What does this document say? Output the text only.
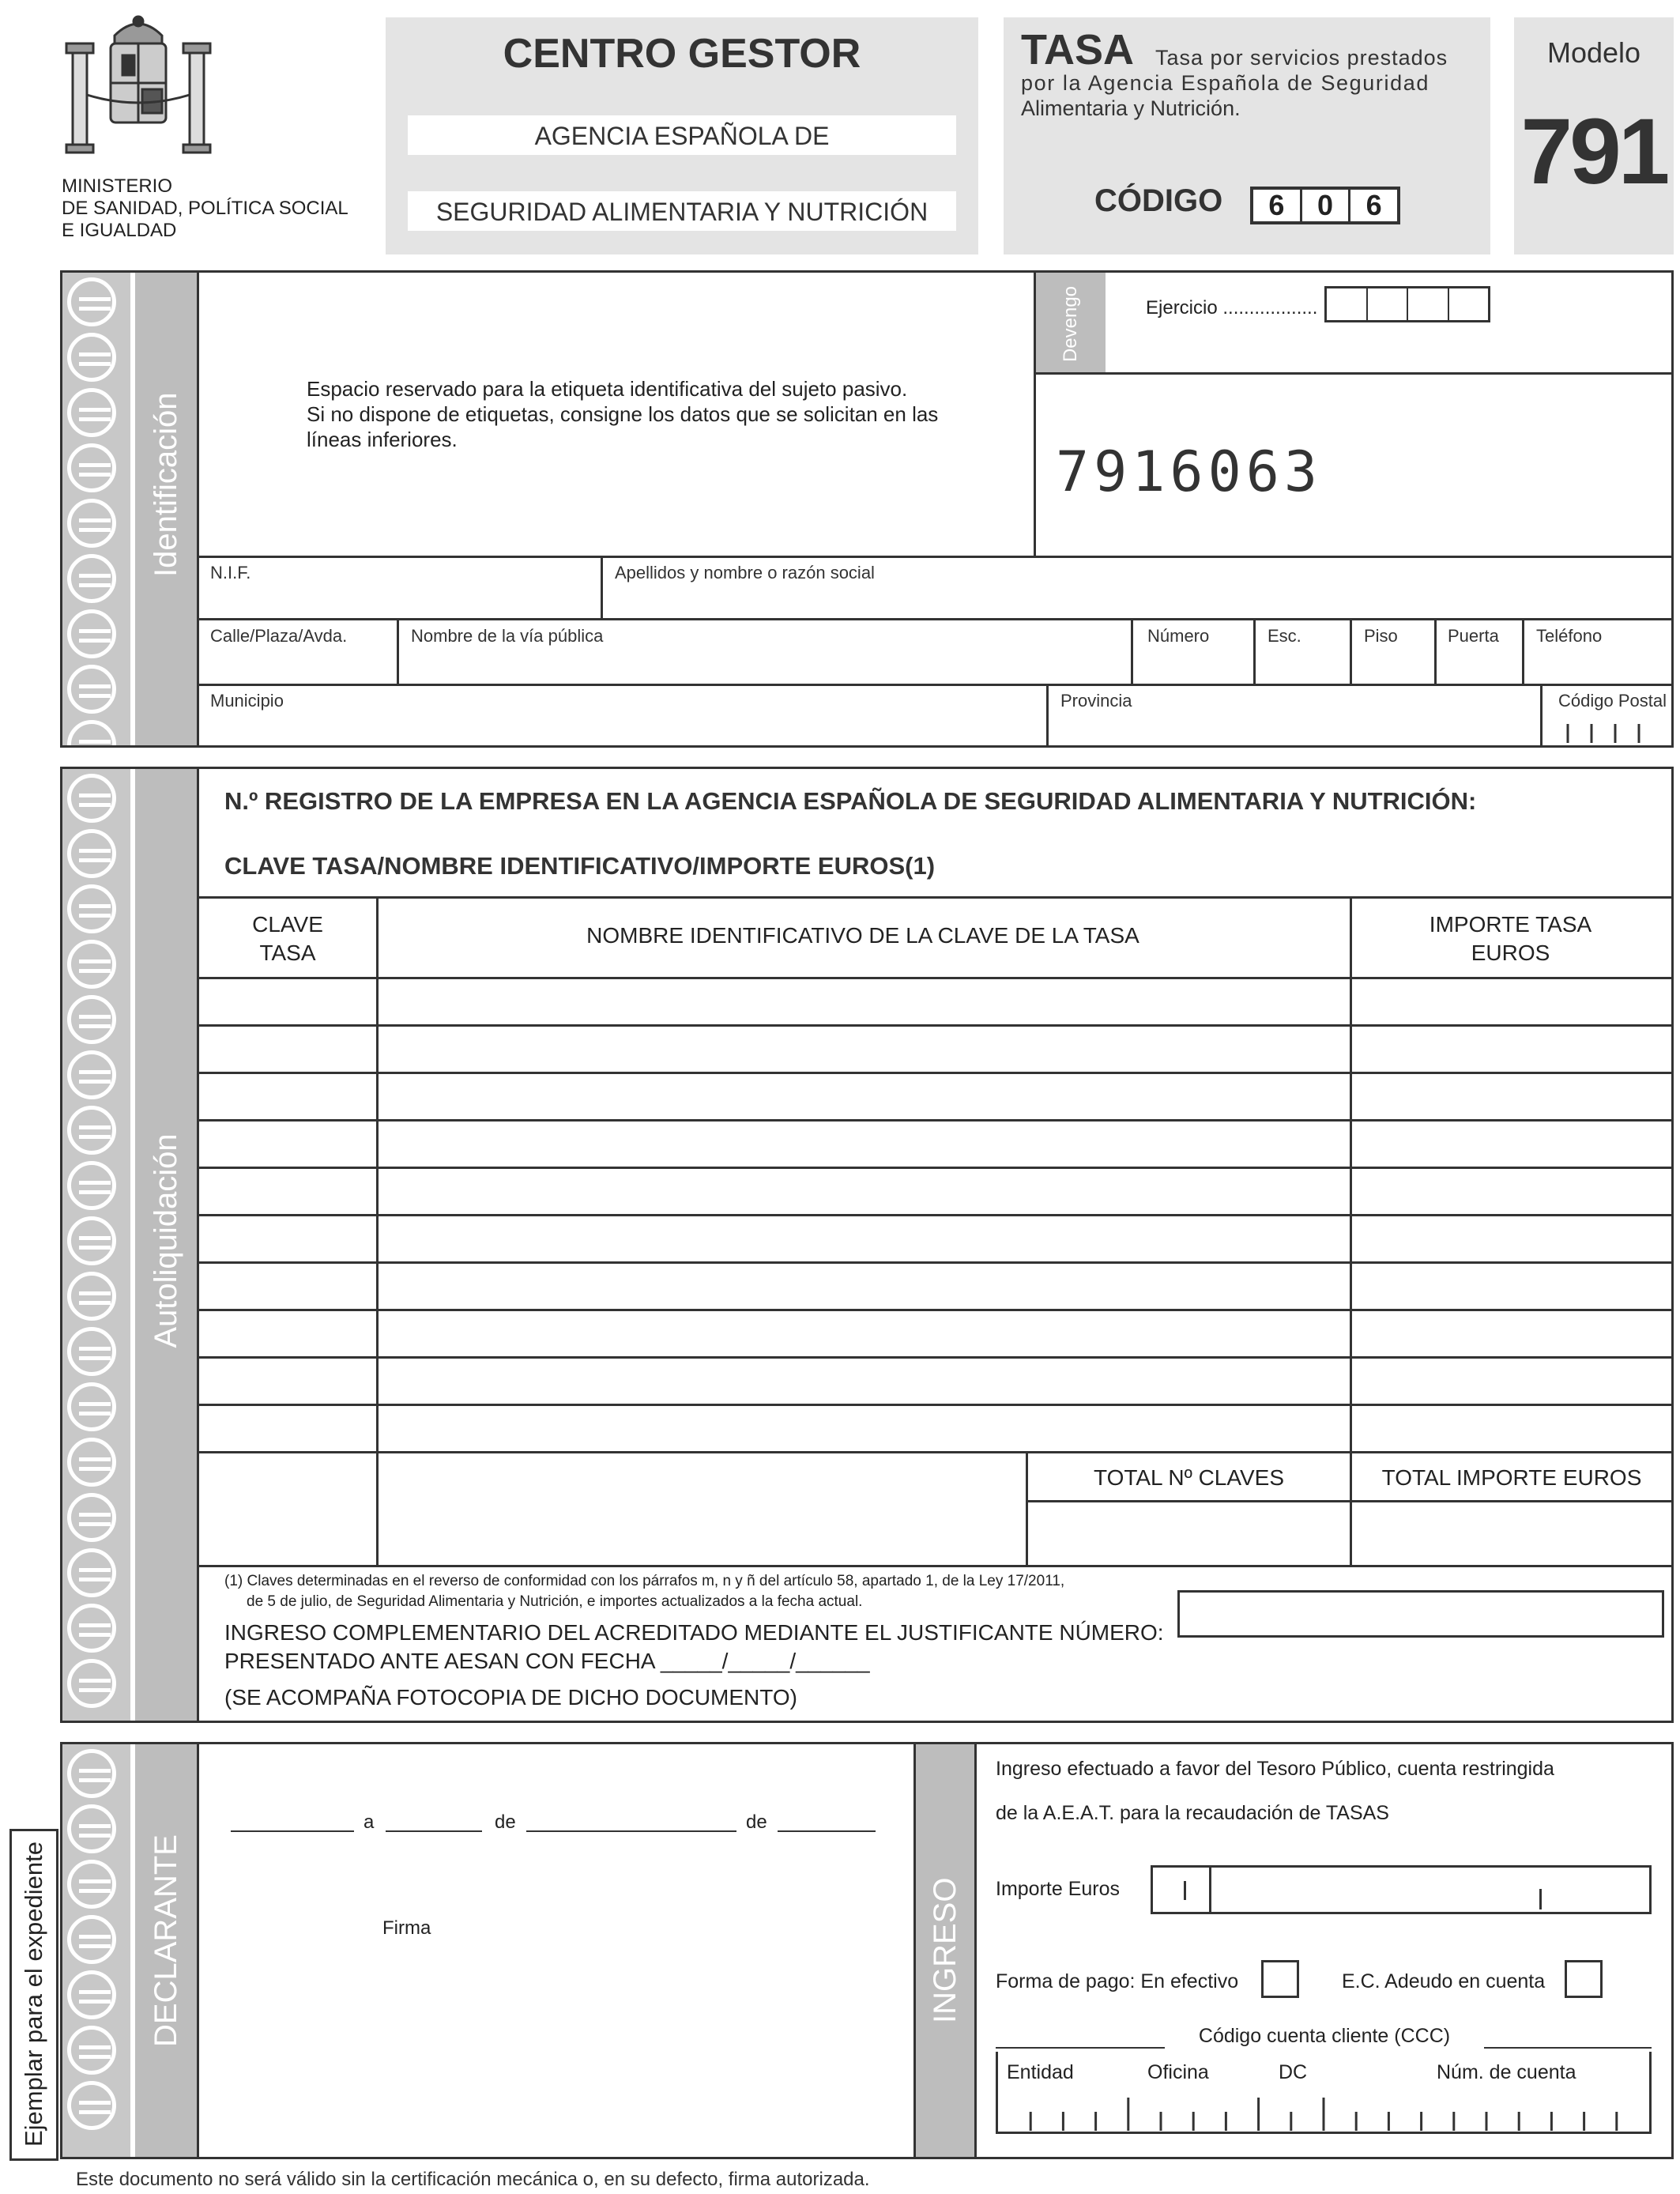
MINISTERIO
DE SANIDAD, POLÍTICA SOCIAL
E IGUALDAD
CENTRO GESTOR
AGENCIA ESPAÑOLA DE
SEGURIDAD ALIMENTARIA Y NUTRICIÓN
TASA Tasa por servicios prestados
por la Agencia Española de Seguridad
Alimentaria y Nutrición.
CÓDIGO	6	0	6
Modelo
791
Identificación
Espacio reservado para la etiqueta identificativa del sujeto pasivo.
Si no dispone de etiquetas, consigne los datos que se solicitan en las
líneas inferiores.
Devengo	Ejercicio ..................
7916063
N.I.F.	Apellidos y nombre o razón social
Calle/Plaza/Avda.	Nombre de la vía pública	Número	Esc.	Piso	Puerta Teléfono
Municipio	Provincia	Código Postal
Autoliquidación
N.º REGISTRO DE LA EMPRESA EN LA AGENCIA ESPAÑOLA DE SEGURIDAD ALIMENTARIA Y NUTRICIÓN:
CLAVE TASA/NOMBRE IDENTIFICATIVO/IMPORTE EUROS(1)
CLAVE
TASA
NOMBRE IDENTIFICATIVO DE LA CLAVE DE LA TASA	IMPORTE TASA
EUROS
TOTAL Nº CLAVES	TOTAL IMPORTE EUROS
(1) Claves determinadas en el reverso de conformidad con los párrafos m, n y ñ del artículo 58, apartado 1, de la Ley 17/2011,
de 5 de julio, de Seguridad Alimentaria y Nutrición, e importes actualizados a la fecha actual.
INGRESO COMPLEMENTARIO DEL ACREDITADO MEDIANTE EL JUSTIFICANTE NÚMERO:
PRESENTADO ANTE AESAN CON FECHA _____/_____/______
(SE ACOMPAÑA FOTOCOPIA DE DICHO DOCUMENTO)
DECLARANTE
a	de	de
Firma	INGRESO
Ingreso efectuado a favor del Tesoro Público, cuenta restringida
de la A.E.A.T. para la recaudación de TASAS
Importe Euros
Forma de pago: En efectivo	E.C. Adeudo en cuenta
Código cuenta cliente (CCC)
Entidad	Oficina	DC	Núm. de cuenta
Ejemplar para el expediente
Este documento no será válido sin la certificación mecánica o, en su defecto, firma autorizada.
